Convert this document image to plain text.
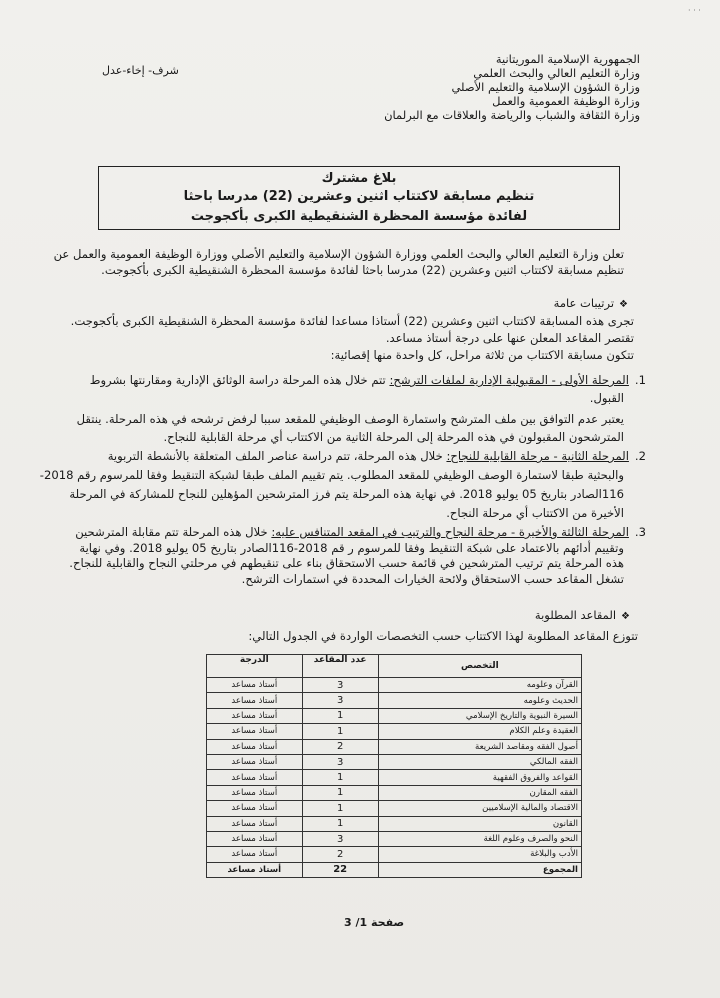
· · ·
الجمهورية الإسلامية الموريتانية
وزارة التعليم العالي والبحث العلمي
وزارة الشؤون الإسلامية والتعليم الأصلي
وزارة الوظيفة العمومية والعمل
وزارة الثقافة والشباب والرياضة والعلاقات مع البرلمان
شرف- إخاء-عدل
بلاغ مشترك
تنظيم مسابقة لاكتتاب اثنين وعشرين (22) مدرسا باحثا
لفائدة مؤسسة المحظرة الشنقيطية الكبرى بأكجوجت
تعلن وزارة التعليم العالي والبحث العلمي ووزارة الشؤون الإسلامية والتعليم الأصلي ووزارة الوظيفة العمومية والعمل عن
تنظيم مسابقة لاكتتاب اثنين وعشرين (22) مدرسا باحثا لفائدة مؤسسة المحظرة الشنقيطية الكبرى بأكجوجت.
❖ترتيبات عامة
تجرى هذه المسابقة لاكتتاب اثنين وعشرين (22) أستاذا مساعدا لفائدة مؤسسة المحظرة الشنقيطية الكبرى بأكجوجت.
تقتصر المقاعد المعلن عنها على درجة أستاذ مساعد.
تتكون مسابقة الاكتتاب من ثلاثة مراحل، كل واحدة منها إقصائية:
1.المرحلة الأولى - المقبولية الإدارية لملفات الترشح: تتم خلال هذه المرحلة دراسة الوثائق الإدارية ومقارنتها بشروط
القبول.
يعتبر عدم التوافق بين ملف المترشح واستمارة الوصف الوظيفي للمقعد سببا لرفض ترشحه في هذه المرحلة. ينتقل
المترشحون المقبولون في هذه المرحلة إلى المرحلة الثانية من الاكتتاب أي مرحلة القابلية للنجاح.
2.المرحلة الثانية - مرحلة القابلية للنجاح: خلال هذه المرحلة، تتم دراسة عناصر الملف المتعلقة بالأنشطة التربوية
والبحثية طبقا لاستمارة الوصف الوظيفي للمقعد المطلوب. يتم تقييم الملف طبقا لشبكة التنقيط وفقا للمرسوم رقم 2018-
116الصادر بتاريخ 05 يوليو 2018. في نهاية هذه المرحلة يتم فرز المترشحين المؤهلين للنجاح للمشاركة في المرحلة
الأخيرة من الاكتتاب أي مرحلة النجاح.
3.المرحلة الثالثة والأخيرة - مرحلة النجاح والترتيب في المقعد المتنافس عليه: خلال هذه المرحلة تتم مقابلة المترشحين
وتقييم أدائهم بالاعتماد على شبكة التنقيط وفقا للمرسوم ر قم 2018-116الصادر بتاريخ 05 يوليو 2018. وفي نهاية
هذه المرحلة يتم ترتيب المترشحين في قائمة حسب الاستحقاق بناء على تنقيطهم في مرحلتي النجاح والقابلية للنجاح.
تشغل المقاعد حسب الاستحقاق ولائحة الخيارات المحددة في استمارات الترشح.
❖المقاعد المطلوبة
تتوزع المقاعد المطلوبة لهذا الاكتتاب حسب التخصصات الواردة في الجدول التالي:
التخصص	عدد المقاعد	الدرجة
القرآن وعلومه	3	أستاذ مساعد
الحديث وعلومه	3	أستاذ مساعد
السيرة النبوية والتاريخ الإسلامي	1	أستاذ مساعد
العقيدة وعلم الكلام	1	أستاذ مساعد
أصول الفقه ومقاصد الشريعة	2	أستاذ مساعد
الفقه المالكي	3	أستاذ مساعد
القواعد والفروق الفقهية	1	أستاذ مساعد
الفقه المقارن	1	أستاذ مساعد
الاقتصاد والمالية الإسلاميين	1	أستاذ مساعد
القانون	1	أستاذ مساعد
النحو والصرف وعلوم اللغة	3	أستاذ مساعد
الأدب والبلاغة	2	أستاذ مساعد
المجموع	22	أستاذ مساعد
صفحة 1/ 3
